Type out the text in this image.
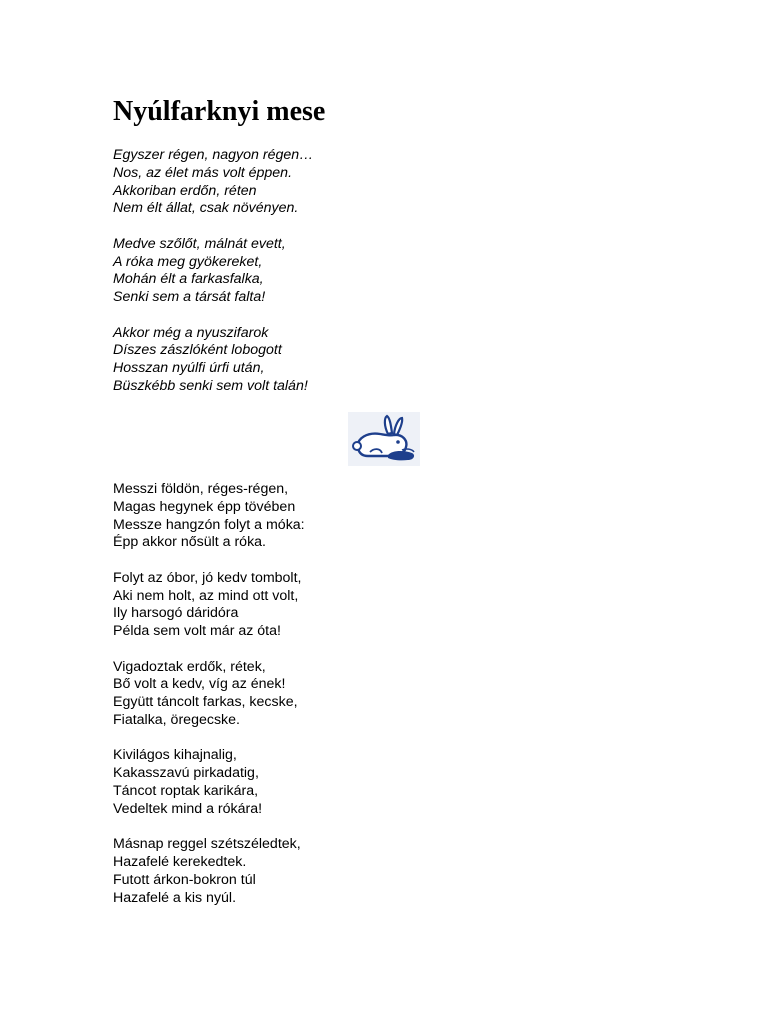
Nyúlfarknyi mese
Egyszer régen, nagyon régen…
Nos, az élet más volt éppen.
Akkoriban erdőn, réten
Nem élt állat, csak növényen.
Medve szőlőt, málnát evett,
A róka meg gyökereket,
Mohán élt a farkasfalka,
Senki sem a társát falta!
Akkor még a nyuszifarok
Díszes zászlóként lobogott
Hosszan nyúlfi úrfi után,
Büszkébb senki sem volt talán!
Messzi földön, réges-régen,
Magas hegynek épp tövében
Messze hangzón folyt a móka:
Épp akkor nősült a róka.
Folyt az óbor, jó kedv tombolt,
Aki nem holt, az mind ott volt,
Ily harsogó dáridóra
Példa sem volt már az óta!
Vigadoztak erdők, rétek,
Bő volt a kedv, víg az ének!
Együtt táncolt farkas, kecske,
Fiatalka, öregecske.
Kivilágos kihajnalig,
Kakasszavú pirkadatig,
Táncot roptak karikára,
Vedeltek mind a rókára!
Másnap reggel szétszéledtek,
Hazafelé kerekedtek.
Futott árkon-bokron túl
Hazafelé a kis nyúl.
